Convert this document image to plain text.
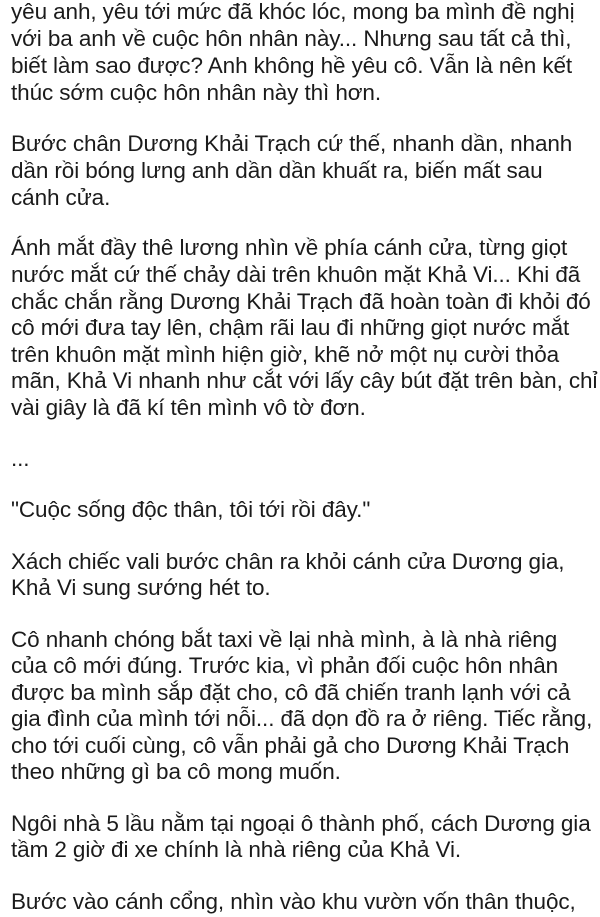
yêu anh, yêu tới mức đã khóc lóc, mong ba mình đề nghị
với ba anh về cuộc hôn nhân này... Nhưng sau tất cả thì,
biết làm sao được? Anh không hề yêu cô. Vẫn là nên kết
thúc sớm cuộc hôn nhân này thì hơn.
Bước chân Dương Khải Trạch cứ thế, nhanh dần, nhanh
dần rồi bóng lưng anh dần dần khuất ra, biến mất sau
cánh cửa.
Ánh mắt đầy thê lương nhìn về phía cánh cửa, từng giọt
nước mắt cứ thế chảy dài trên khuôn mặt Khả Vi... Khi đã
chắc chắn rằng Dương Khải Trạch đã hoàn toàn đi khỏi đó
cô mới đưa tay lên, chậm rãi lau đi những giọt nước mắt
trên khuôn mặt mình hiện giờ, khẽ nở một nụ cười thỏa
mãn, Khả Vi nhanh như cắt với lấy cây bút đặt trên bàn, chỉ
vài giây là đã kí tên mình vô tờ đơn.
...
"Cuộc sống độc thân, tôi tới rồi đây."
Xách chiếc vali bước chân ra khỏi cánh cửa Dương gia,
Khả Vi sung sướng hét to.
Cô nhanh chóng bắt taxi về lại nhà mình, à là nhà riêng
của cô mới đúng. Trước kia, vì phản đối cuộc hôn nhân
được ba mình sắp đặt cho, cô đã chiến tranh lạnh với cả
gia đình của mình tới nỗi... đã dọn đồ ra ở riêng. Tiếc rằng,
cho tới cuối cùng, cô vẫn phải gả cho Dương Khải Trạch
theo những gì ba cô mong muốn.
Ngôi nhà 5 lầu nằm tại ngoại ô thành phố, cách Dương gia
tầm 2 giờ đi xe chính là nhà riêng của Khả Vi.
Bước vào cánh cổng, nhìn vào khu vườn vốn thân thuộc,
